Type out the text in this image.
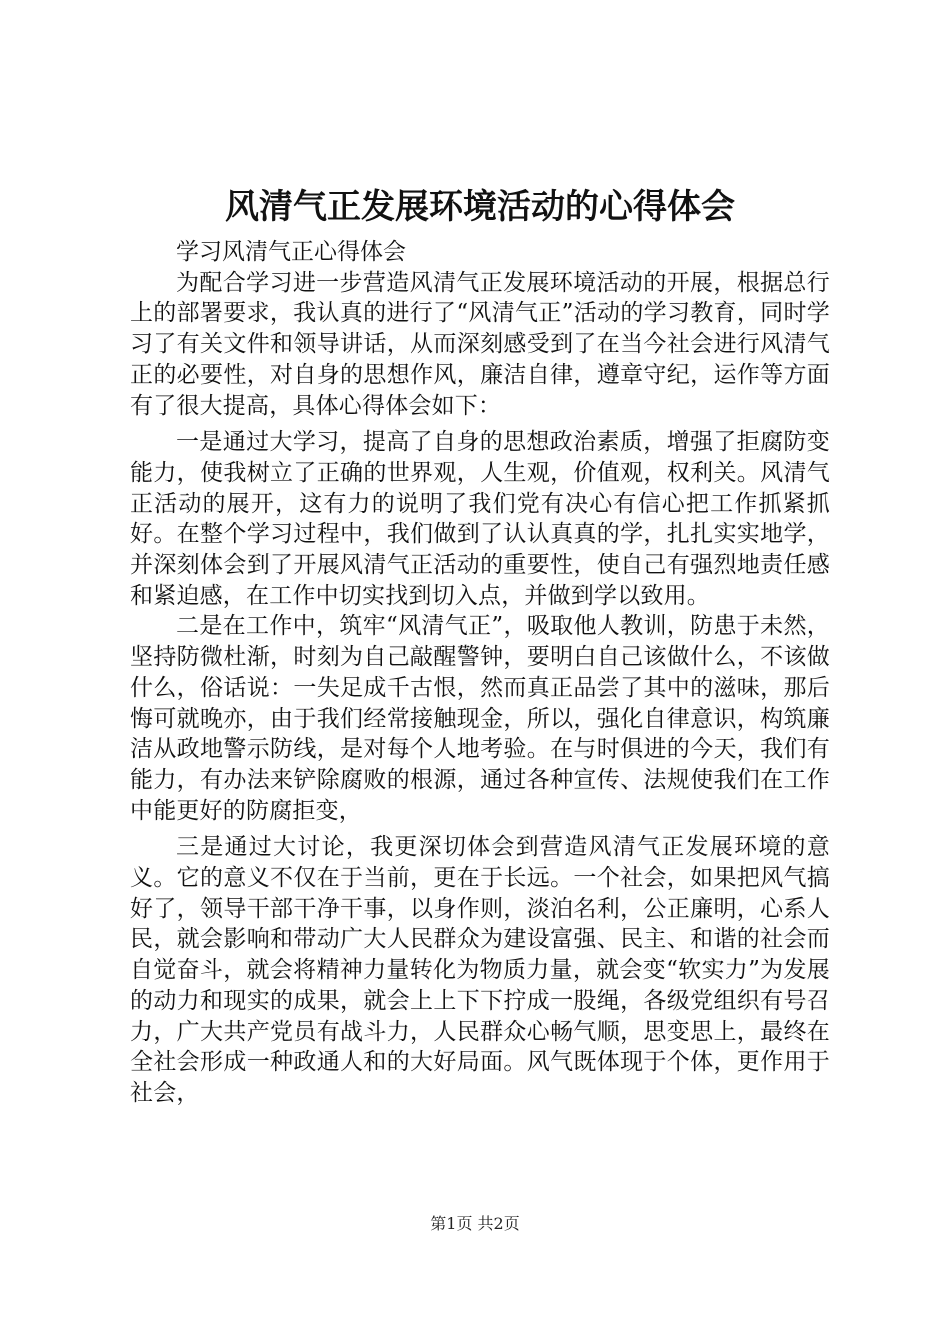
风清气正发展环境活动的心得体会

学习风清气正心得体会

为配合学习进一步营造风清气正发展环境活动的开展，根据总行上的部署要求，我认真的进行了“风清气正”活动的学习教育，同时学习了有关文件和领导讲话，从而深刻感受到了在当今社会进行风清气正的必要性，对自身的思想作风，廉洁自律，遵章守纪，运作等方面有了很大提高，具体心得体会如下：

一是通过大学习，提高了自身的思想政治素质，增强了拒腐防变能力，使我树立了正确的世界观，人生观，价值观，权利关。风清气正活动的展开，这有力的说明了我们党有决心有信心把工作抓紧抓好。在整个学习过程中，我们做到了认认真真的学，扎扎实实地学，并深刻体会到了开展风清气正活动的重要性，使自己有强烈地责任感和紧迫感，在工作中切实找到切入点，并做到学以致用。

二是在工作中，筑牢“风清气正”，吸取他人教训，防患于未然，坚持防微杜渐，时刻为自己敲醒警钟，要明白自己该做什么，不该做什么，俗话说：一失足成千古恨，然而真正品尝了其中的滋味，那后悔可就晚亦，由于我们经常接触现金，所以，强化自律意识，构筑廉洁从政地警示防线，是对每个人地考验。在与时俱进的今天，我们有能力，有办法来铲除腐败的根源，通过各种宣传、法规使我们在工作中能更好的防腐拒变，

三是通过大讨论，我更深切体会到营造风清气正发展环境的意义。它的意义不仅在于当前，更在于长远。一个社会，如果把风气搞好了，领导干部干净干事，以身作则，淡泊名利，公正廉明，心系人民，就会影响和带动广大人民群众为建设富强、民主、和谐的社会而自觉奋斗，就会将精神力量转化为物质力量，就会变“软实力”为发展的动力和现实的成果，就会上上下下拧成一股绳，各级党组织有号召力，广大共产党员有战斗力，人民群众心畅气顺，思变思上，最终在全社会形成一种政通人和的大好局面。风气既体现于个体，更作用于社会，

第1页 共2页
